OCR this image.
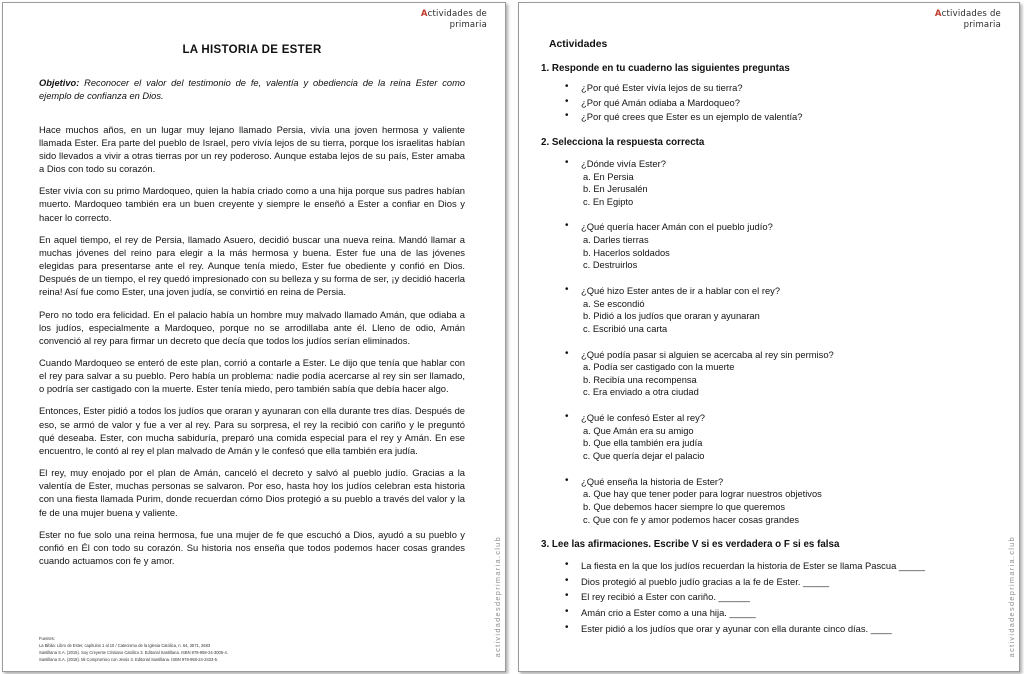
Actividades de
primaria
LA HISTORIA DE ESTER
Objetivo: Reconocer el valor del testimonio de fe, valentía y obediencia de la reina Ester como ejemplo de confianza en Dios.

Hace muchos años, en un lugar muy lejano llamado Persia, vivía una joven hermosa y valiente llamada Ester. Era parte del pueblo de Israel, pero vivía lejos de su tierra, porque los israelitas habían sido llevados a vivir a otras tierras por un rey poderoso. Aunque estaba lejos de su país, Ester amaba a Dios con todo su corazón.

Ester vivía con su primo Mardoqueo, quien la había criado como a una hija porque sus padres habían muerto. Mardoqueo también era un buen creyente y siempre le enseñó a Ester a confiar en Dios y hacer lo correcto.

En aquel tiempo, el rey de Persia, llamado Asuero, decidió buscar una nueva reina. Mandó llamar a muchas jóvenes del reino para elegir a la más hermosa y buena. Ester fue una de las jóvenes elegidas para presentarse ante el rey. Aunque tenía miedo, Ester fue obediente y confió en Dios. Después de un tiempo, el rey quedó impresionado con su belleza y su forma de ser, ¡y decidió hacerla reina! Así fue como Ester, una joven judía, se convirtió en reina de Persia.

Pero no todo era felicidad. En el palacio había un hombre muy malvado llamado Amán, que odiaba a los judíos, especialmente a Mardoqueo, porque no se arrodillaba ante él. Lleno de odio, Amán convenció al rey para firmar un decreto que decía que todos los judíos serían eliminados.

Cuando Mardoqueo se enteró de este plan, corrió a contarle a Ester. Le dijo que tenía que hablar con el rey para salvar a su pueblo. Pero había un problema: nadie podía acercarse al rey sin ser llamado, o podría ser castigado con la muerte. Ester tenía miedo, pero también sabía que debía hacer algo.

Entonces, Ester pidió a todos los judíos que oraran y ayunaran con ella durante tres días. Después de eso, se armó de valor y fue a ver al rey. Para su sorpresa, el rey la recibió con cariño y le preguntó qué deseaba. Ester, con mucha sabiduría, preparó una comida especial para el rey y Amán. En ese encuentro, le contó al rey el plan malvado de Amán y le confesó que ella también era judía.

El rey, muy enojado por el plan de Amán, canceló el decreto y salvó al pueblo judío. Gracias a la valentía de Ester, muchas personas se salvaron. Por eso, hasta hoy los judíos celebran esta historia con una fiesta llamada Purim, donde recuerdan cómo Dios protegió a su pueblo a través del valor y la fe de una mujer buena y valiente.

Ester no fue solo una reina hermosa, fue una mujer de fe que escuchó a Dios, ayudó a su pueblo y confió en Él con todo su corazón. Su historia nos enseña que todos podemos hacer cosas grandes cuando actuamos con fe y amor.

Fuentes:
La Biblia: Libro de Ester, capítulos 1 al 10 / Catecismo de la Iglesia Católica, n. 64, 3571, 2683
Santillana S.A. (2015). Soy Creyente Cristiano Católico 3. Editorial Santillana. ISBN 978-958-24-3005-4.
Santillana S.A. (2018). Mi Compromiso con Jesús 3. Editorial Santillana. ISBN 978-958-24-3433-5.
actividadesdeprimaria.club
Actividades de
primaria
Actividades
1. Responde en tu cuaderno las siguientes preguntas
• ¿Por qué Ester vivía lejos de su tierra?
• ¿Por qué Amán odiaba a Mardoqueo?
• ¿Por qué crees que Ester es un ejemplo de valentía?
2. Selecciona la respuesta correcta
• ¿Dónde vivía Ester?
a. En Persia
b. En Jerusalén
c. En Egipto
• ¿Qué quería hacer Amán con el pueblo judío?
a. Darles tierras
b. Hacerlos soldados
c. Destruirlos
• ¿Qué hizo Ester antes de ir a hablar con el rey?
a. Se escondió
b. Pidió a los judíos que oraran y ayunaran
c. Escribió una carta
• ¿Qué podía pasar si alguien se acercaba al rey sin permiso?
a. Podía ser castigado con la muerte
b. Recibía una recompensa
c. Era enviado a otra ciudad
• ¿Qué le confesó Ester al rey?
a. Que Amán era su amigo
b. Que ella también era judía
c. Que quería dejar el palacio
• ¿Qué enseña la historia de Ester?
a. Que hay que tener poder para lograr nuestros objetivos
b. Que debemos hacer siempre lo que queremos
c. Que con fe y amor podemos hacer cosas grandes
3. Lee las afirmaciones. Escribe V si es verdadera o F si es falsa
• La fiesta en la que los judíos recuerdan la historia de Ester se llama Pascua _____
• Dios protegió al pueblo judío gracias a la fe de Ester. _____
• El rey recibió a Ester con cariño. ______
• Amán crio a Ester como a una hija. _____
• Ester pidió a los judíos que orar y ayunar con ella durante cinco días. ____	actividadesdeprimaria.club
